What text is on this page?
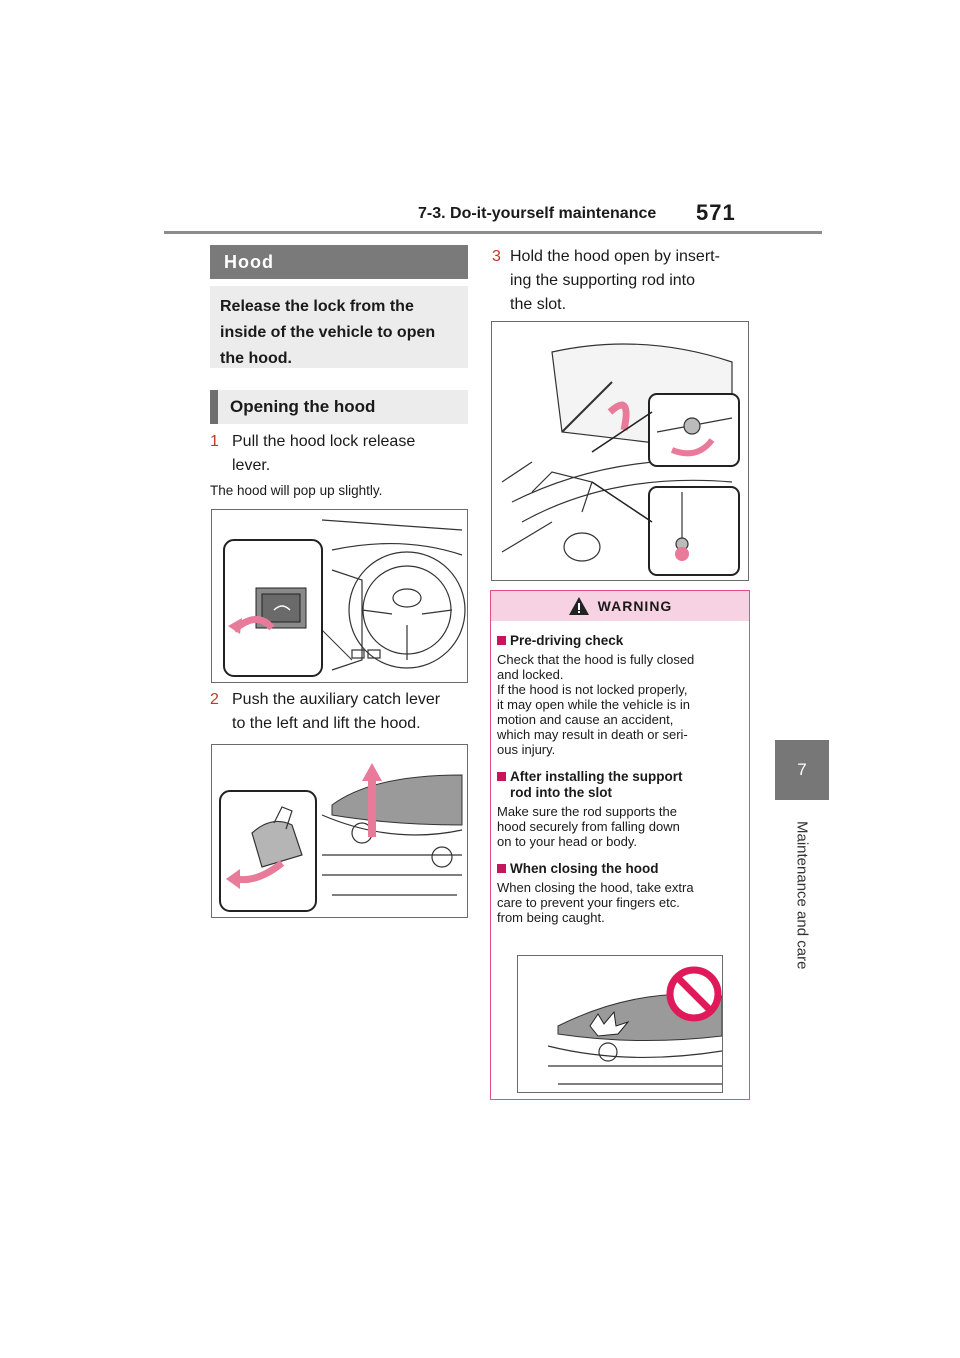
7-3. Do-it-yourself maintenance 571
7
Maintenance and care
Hood
Release the lock from the inside of the vehicle to open the hood.
Opening the hood
1 Pull the hood lock release
lever.
The hood will pop up slightly.
2 Push the auxiliary catch lever
to the left and lift the hood.
3 Hold the hood open by insert-
ing the supporting rod into
the slot.
WARNING
Pre-driving check
Check that the hood is fully closed
and locked.
If the hood is not locked properly,
it may open while the vehicle is in
motion and cause an accident,
which may result in death or seri-
ous injury.
After installing the support
rod into the slot
Make sure the rod supports the
hood securely from falling down
on to your head or body.
When closing the hood
When closing the hood, take extra
care to prevent your fingers etc.
from being caught.
